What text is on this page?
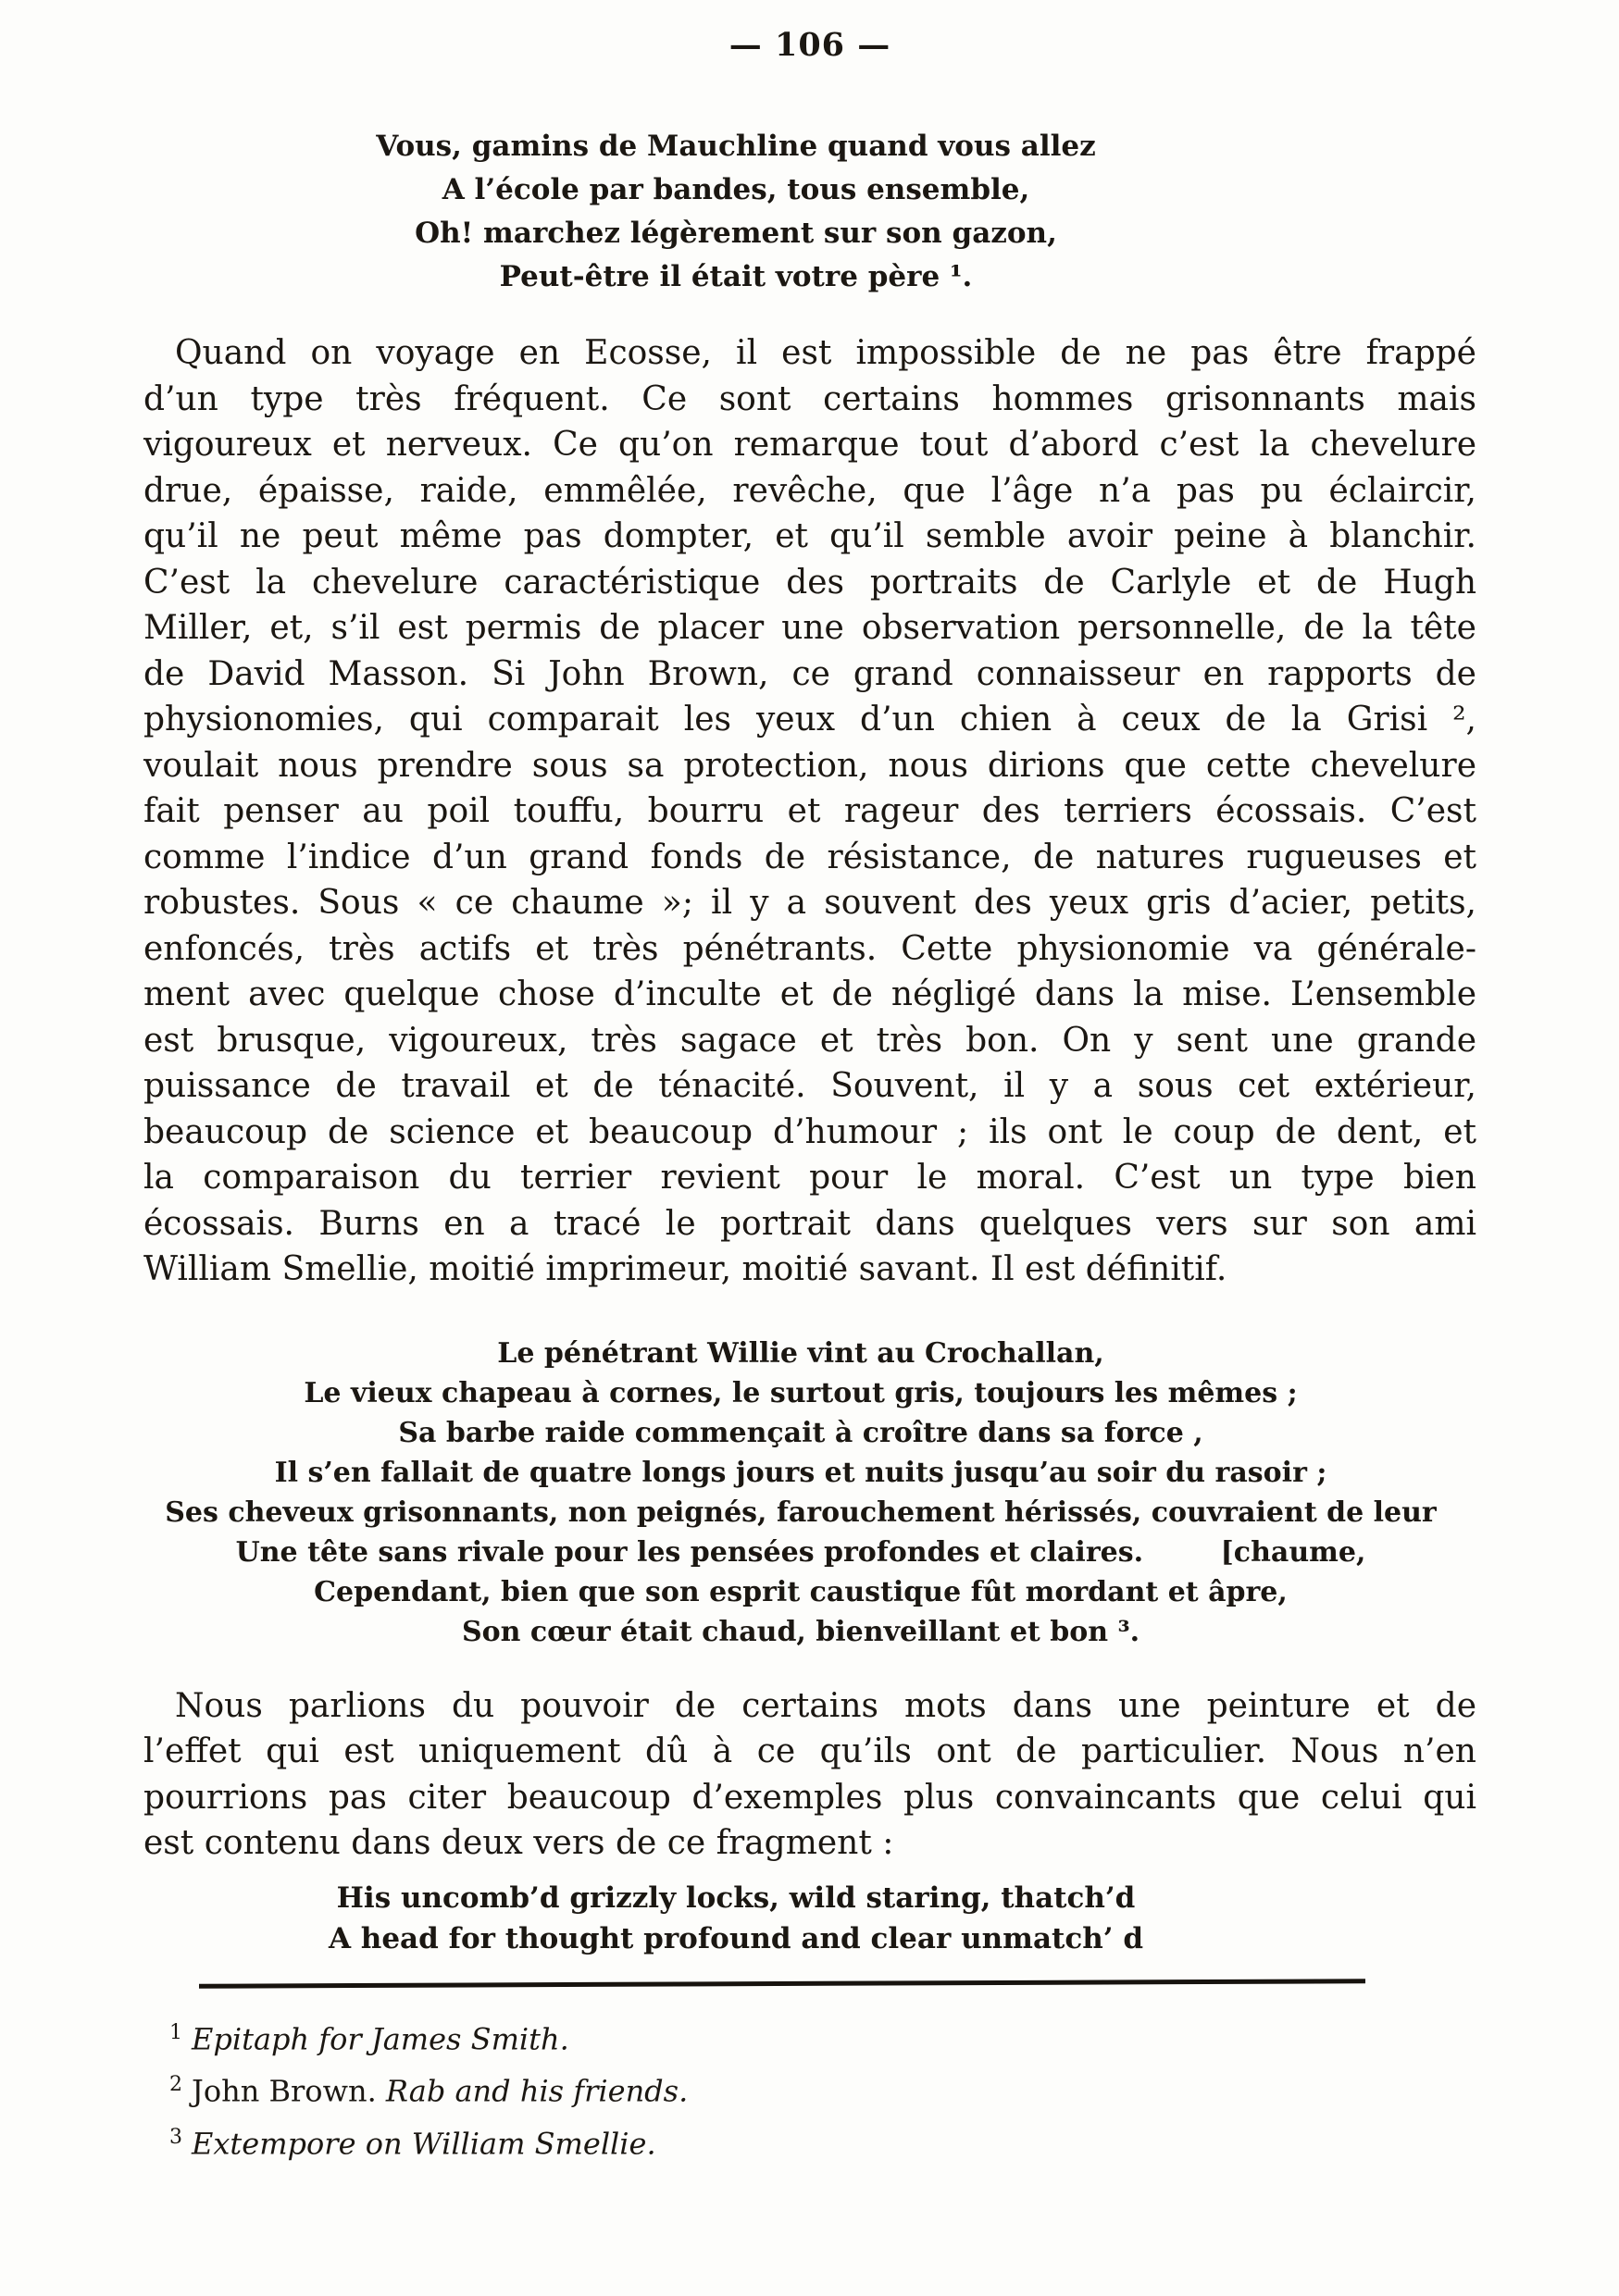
— 106 —
Vous, gamins de Mauchline quand vous allez
A l’école par bandes, tous ensemble,
Oh! marchez légèrement sur son gazon,
Peut-être il était votre père ¹.
Quand on voyage en Ecosse, il est impossible de ne pas être frappé
d’un type très fréquent. Ce sont certains hommes grisonnants mais
vigoureux et nerveux. Ce qu’on remarque tout d’abord c’est la chevelure
drue, épaisse, raide, emmêlée, revêche, que l’âge n’a pas pu éclaircir,
qu’il ne peut même pas dompter, et qu’il semble avoir peine à blanchir.
C’est la chevelure caractéristique des portraits de Carlyle et de Hugh
Miller, et, s’il est permis de placer une observation personnelle, de la tête
de David Masson. Si John Brown, ce grand connaisseur en rapports de
physionomies, qui comparait les yeux d’un chien à ceux de la Grisi ²,
voulait nous prendre sous sa protection, nous dirions que cette chevelure
fait penser au poil touffu, bourru et rageur des terriers écossais. C’est
comme l’indice d’un grand fonds de résistance, de natures rugueuses et
robustes. Sous « ce chaume »; il y a souvent des yeux gris d’acier, petits,
enfoncés, très actifs et très pénétrants. Cette physionomie va générale-
ment avec quelque chose d’inculte et de négligé dans la mise. L’ensemble
est brusque, vigoureux, très sagace et très bon. On y sent une grande
puissance de travail et de ténacité. Souvent, il y a sous cet extérieur,
beaucoup de science et beaucoup d’humour ; ils ont le coup de dent, et
la comparaison du terrier revient pour le moral. C’est un type bien
écossais. Burns en a tracé le portrait dans quelques vers sur son ami
William Smellie, moitié imprimeur, moitié savant. Il est définitif.
Le pénétrant Willie vint au Crochallan,
Le vieux chapeau à cornes, le surtout gris, toujours les mêmes ;
Sa barbe raide commençait à croître dans sa force ,
Il s’en fallait de quatre longs jours et nuits jusqu’au soir du rasoir ;
Ses cheveux grisonnants, non peignés, farouchement hérissés, couvraient de leur
Une tête sans rivale pour les pensées profondes et claires.        [chaume,
Cependant, bien que son esprit caustique fût mordant et âpre,
Son cœur était chaud, bienveillant et bon ³.
Nous parlions du pouvoir de certains mots dans une peinture et de
l’effet qui est uniquement dû à ce qu’ils ont de particulier. Nous n’en
pourrions pas citer beaucoup d’exemples plus convaincants que celui qui
est contenu dans deux vers de ce fragment :
His uncomb’d grizzly locks, wild staring, thatch’d
A head for thought profound and clear unmatch’ d
$^1$ Epitaph for James Smith.
$^2$ John Brown. Rab and his friends.
$^3$ Extempore on William Smellie.
